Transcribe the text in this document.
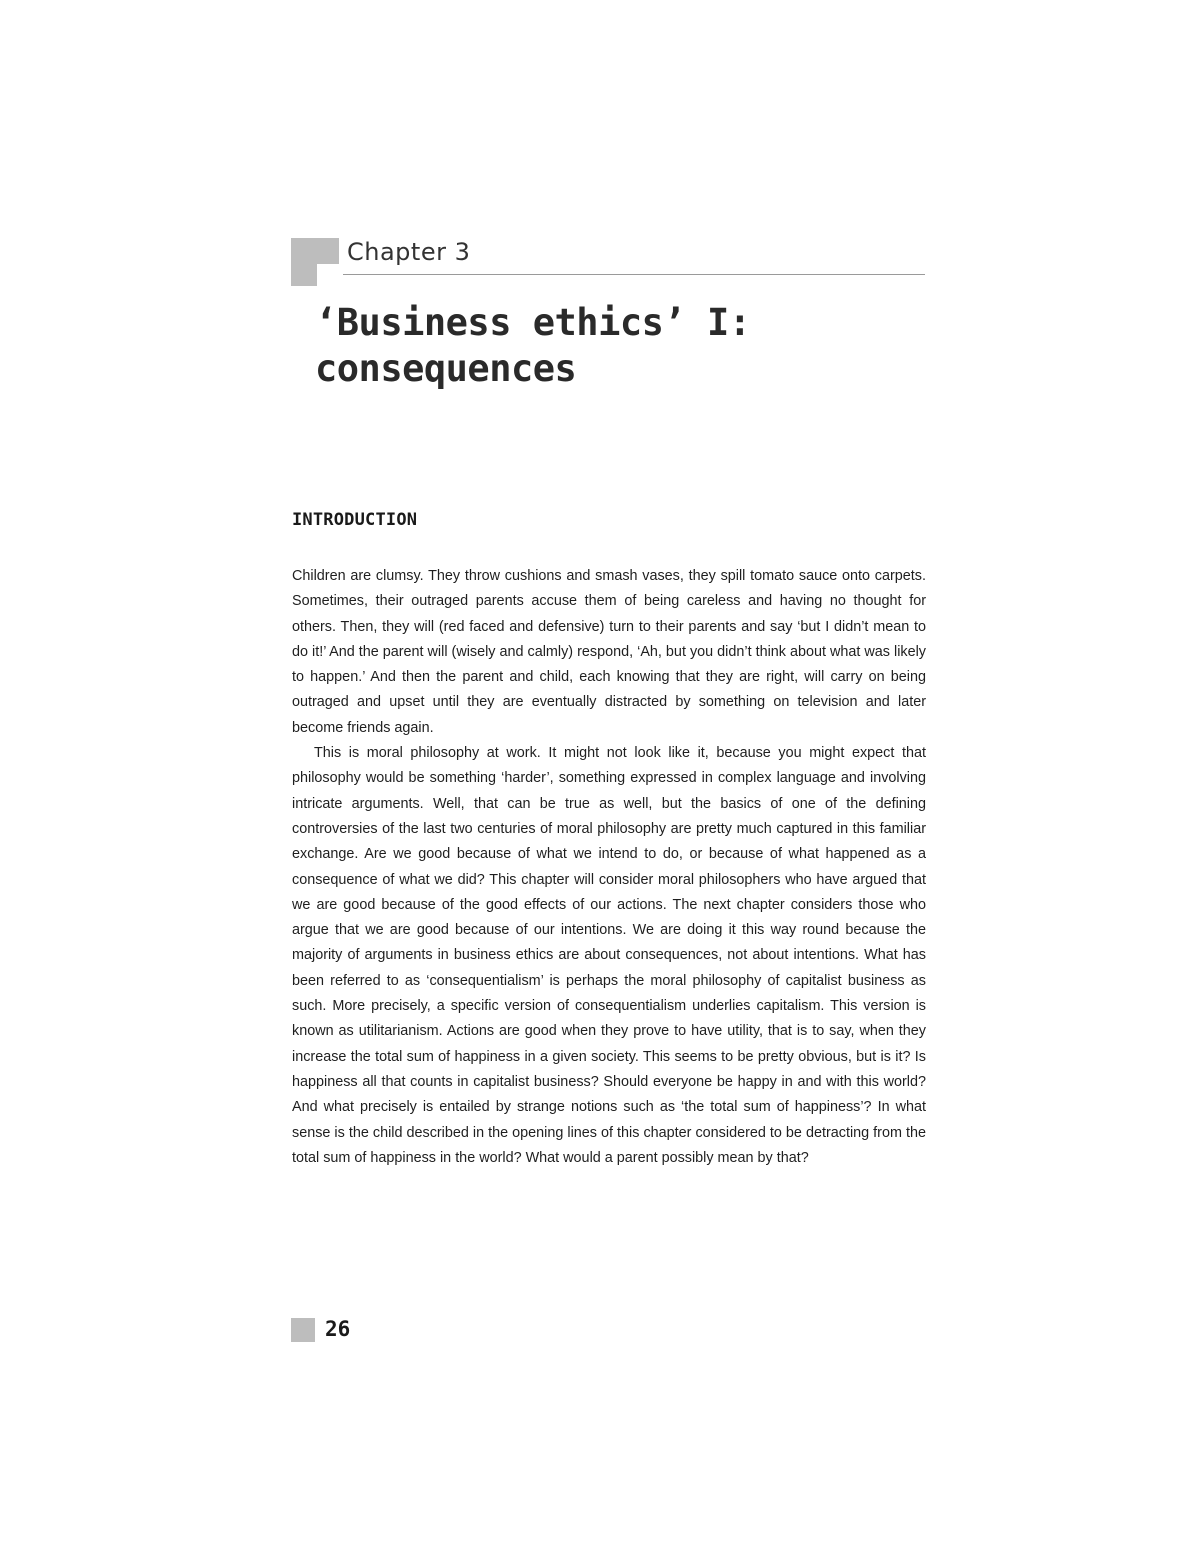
Chapter 3
‘Business ethics’ I:
consequences
INTRODUCTION

Children are clumsy. They throw cushions and smash vases, they spill tomato sauce onto carpets. Sometimes, their outraged parents accuse them of being careless and having no thought for others. Then, they will (red faced and defensive) turn to their parents and say ‘but I didn’t mean to do it!’ And the parent will (wisely and calmly) respond, ‘Ah, but you didn’t think about what was likely to happen.’ And then the parent and child, each knowing that they are right, will carry on being outraged and upset until they are eventually distracted by something on television and later become friends again.

This is moral philosophy at work. It might not look like it, because you might expect that philosophy would be something ‘harder’, something expressed in complex language and involving intricate arguments. Well, that can be true as well, but the basics of one of the defining controversies of the last two centuries of moral philosophy are pretty much captured in this familiar exchange. Are we good because of what we intend to do, or because of what happened as a consequence of what we did? This chapter will consider moral philosophers who have argued that we are good because of the good effects of our actions. The next chapter considers those who argue that we are good because of our intentions. We are doing it this way round because the majority of arguments in business ethics are about consequences, not about intentions. What has been referred to as ‘consequentialism’ is perhaps the moral philosophy of capitalist business as such. More precisely, a specific version of consequentialism underlies capitalism. This version is known as utilitarianism. Actions are good when they prove to have utility, that is to say, when they increase the total sum of happiness in a given society. This seems to be pretty obvious, but is it? Is happiness all that counts in capitalist business? Should everyone be happy in and with this world? And what precisely is entailed by strange notions such as ‘the total sum of happiness’? In what sense is the child described in the opening lines of this chapter considered to be detracting from the total sum of happiness in the world? What would a parent possibly mean by that?

26
